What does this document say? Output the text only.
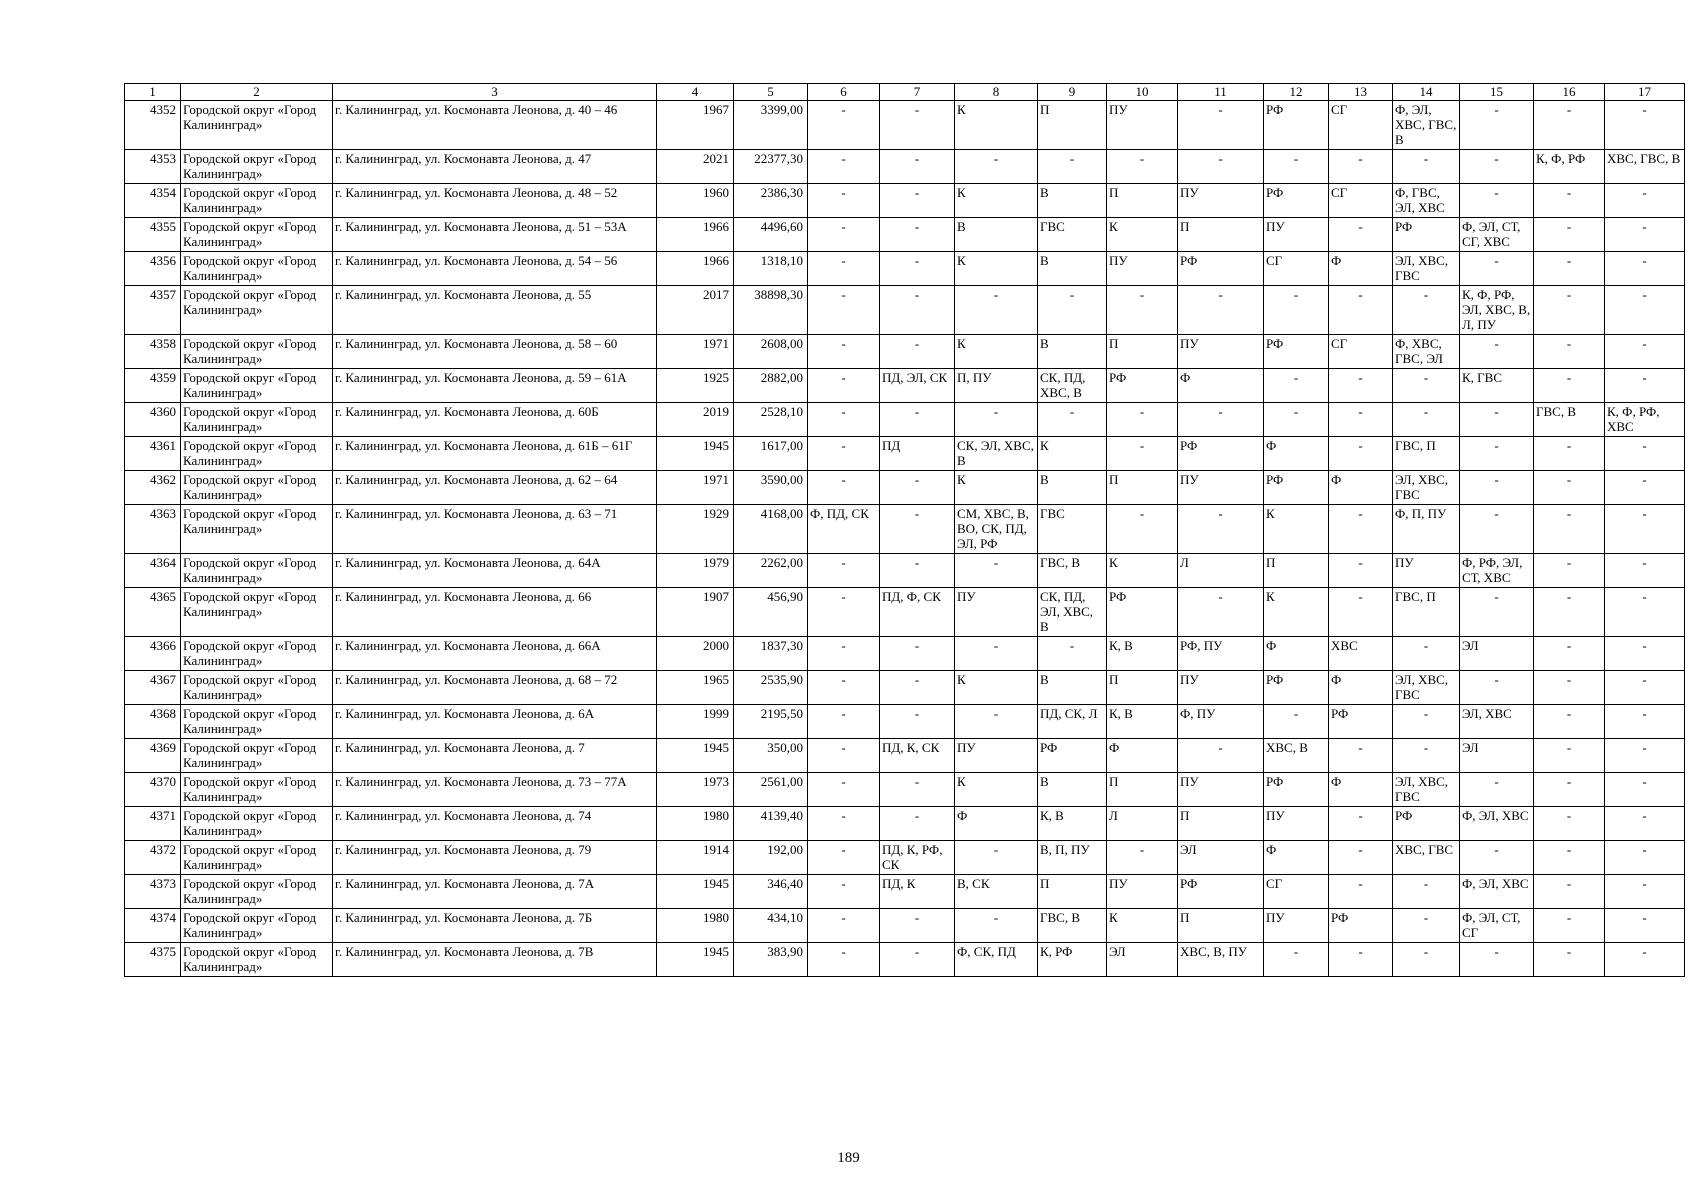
1	2	3	4	5	6	7	8	9	10	11	12	13	14	15	16	17
4352	Городской округ «Город Калининград»	г. Калининград, ул. Космонавта Леонова, д. 40 – 46	1967	3399,00	-	-	К	П	ПУ	-	РФ	СГ	Ф, ЭЛ, ХВС, ГВС, В	-	-	-
4353	Городской округ «Город Калининград»	г. Калининград, ул. Космонавта Леонова, д. 47	2021	22377,30	-	-	-	-	-	-	-	-	-	-	К, Ф, РФ	ХВС, ГВС, В
4354	Городской округ «Город Калининград»	г. Калининград, ул. Космонавта Леонова, д. 48 – 52	1960	2386,30	-	-	К	В	П	ПУ	РФ	СГ	Ф, ГВС, ЭЛ, ХВС	-	-	-
4355	Городской округ «Город Калининград»	г. Калининград, ул. Космонавта Леонова, д. 51 – 53А	1966	4496,60	-	-	В	ГВС	К	П	ПУ	-	РФ	Ф, ЭЛ, СТ, СГ, ХВС	-	-
4356	Городской округ «Город Калининград»	г. Калининград, ул. Космонавта Леонова, д. 54 – 56	1966	1318,10	-	-	К	В	ПУ	РФ	СГ	Ф	ЭЛ, ХВС, ГВС	-	-	-
4357	Городской округ «Город Калининград»	г. Калининград, ул. Космонавта Леонова, д. 55	2017	38898,30	-	-	-	-	-	-	-	-	-	К, Ф, РФ, ЭЛ, ХВС, В, Л, ПУ	-	-
4358	Городской округ «Город Калининград»	г. Калининград, ул. Космонавта Леонова, д. 58 – 60	1971	2608,00	-	-	К	В	П	ПУ	РФ	СГ	Ф, ХВС, ГВС, ЭЛ	-	-	-
4359	Городской округ «Город Калининград»	г. Калининград, ул. Космонавта Леонова, д. 59 – 61А	1925	2882,00	-	ПД, ЭЛ, СК	П, ПУ	СК, ПД, ХВС, В	РФ	Ф	-	-	-	К, ГВС	-	-
4360	Городской округ «Город Калининград»	г. Калининград, ул. Космонавта Леонова, д. 60Б	2019	2528,10	-	-	-	-	-	-	-	-	-	-	ГВС, В	К, Ф, РФ, ХВС
4361	Городской округ «Город Калининград»	г. Калининград, ул. Космонавта Леонова, д. 61Б – 61Г	1945	1617,00	-	ПД	СК, ЭЛ, ХВС, В	К	-	РФ	Ф	-	ГВС, П	-	-	-
4362	Городской округ «Город Калининград»	г. Калининград, ул. Космонавта Леонова, д. 62 – 64	1971	3590,00	-	-	К	В	П	ПУ	РФ	Ф	ЭЛ, ХВС, ГВС	-	-	-
4363	Городской округ «Город Калининград»	г. Калининград, ул. Космонавта Леонова, д. 63 – 71	1929	4168,00	Ф, ПД, СК	-	СМ, ХВС, В, ВО, СК, ПД, ЭЛ, РФ	ГВС	-	-	К	-	Ф, П, ПУ	-	-	-
4364	Городской округ «Город Калининград»	г. Калининград, ул. Космонавта Леонова, д. 64А	1979	2262,00	-	-	-	ГВС, В	К	Л	П	-	ПУ	Ф, РФ, ЭЛ, СТ, ХВС	-	-
4365	Городской округ «Город Калининград»	г. Калининград, ул. Космонавта Леонова, д. 66	1907	456,90	-	ПД, Ф, СК	ПУ	СК, ПД, ЭЛ, ХВС, В	РФ	-	К	-	ГВС, П	-	-	-
4366	Городской округ «Город Калининград»	г. Калининград, ул. Космонавта Леонова, д. 66А	2000	1837,30	-	-	-	-	К, В	РФ, ПУ	Ф	ХВС	-	ЭЛ	-	-
4367	Городской округ «Город Калининград»	г. Калининград, ул. Космонавта Леонова, д. 68 – 72	1965	2535,90	-	-	К	В	П	ПУ	РФ	Ф	ЭЛ, ХВС, ГВС	-	-	-
4368	Городской округ «Город Калининград»	г. Калининград, ул. Космонавта Леонова, д. 6А	1999	2195,50	-	-	-	ПД, СК, Л	К, В	Ф, ПУ	-	РФ	-	ЭЛ, ХВС	-	-
4369	Городской округ «Город Калининград»	г. Калининград, ул. Космонавта Леонова, д. 7	1945	350,00	-	ПД, К, СК	ПУ	РФ	Ф	-	ХВС, В	-	-	ЭЛ	-	-
4370	Городской округ «Город Калининград»	г. Калининград, ул. Космонавта Леонова, д. 73 – 77А	1973	2561,00	-	-	К	В	П	ПУ	РФ	Ф	ЭЛ, ХВС, ГВС	-	-	-
4371	Городской округ «Город Калининград»	г. Калининград, ул. Космонавта Леонова, д. 74	1980	4139,40	-	-	Ф	К, В	Л	П	ПУ	-	РФ	Ф, ЭЛ, ХВС	-	-
4372	Городской округ «Город Калининград»	г. Калининград, ул. Космонавта Леонова, д. 79	1914	192,00	-	ПД, К, РФ, СК	-	В, П, ПУ	-	ЭЛ	Ф	-	ХВС, ГВС	-	-	-
4373	Городской округ «Город Калининград»	г. Калининград, ул. Космонавта Леонова, д. 7А	1945	346,40	-	ПД, К	В, СК	П	ПУ	РФ	СГ	-	-	Ф, ЭЛ, ХВС	-	-
4374	Городской округ «Город Калининград»	г. Калининград, ул. Космонавта Леонова, д. 7Б	1980	434,10	-	-	-	ГВС, В	К	П	ПУ	РФ	-	Ф, ЭЛ, СТ, СГ	-	-
4375	Городской округ «Город Калининград»	г. Калининград, ул. Космонавта Леонова, д. 7В	1945	383,90	-	-	Ф, СК, ПД	К, РФ	ЭЛ	ХВС, В, ПУ	-	-	-	-	-	-
189
